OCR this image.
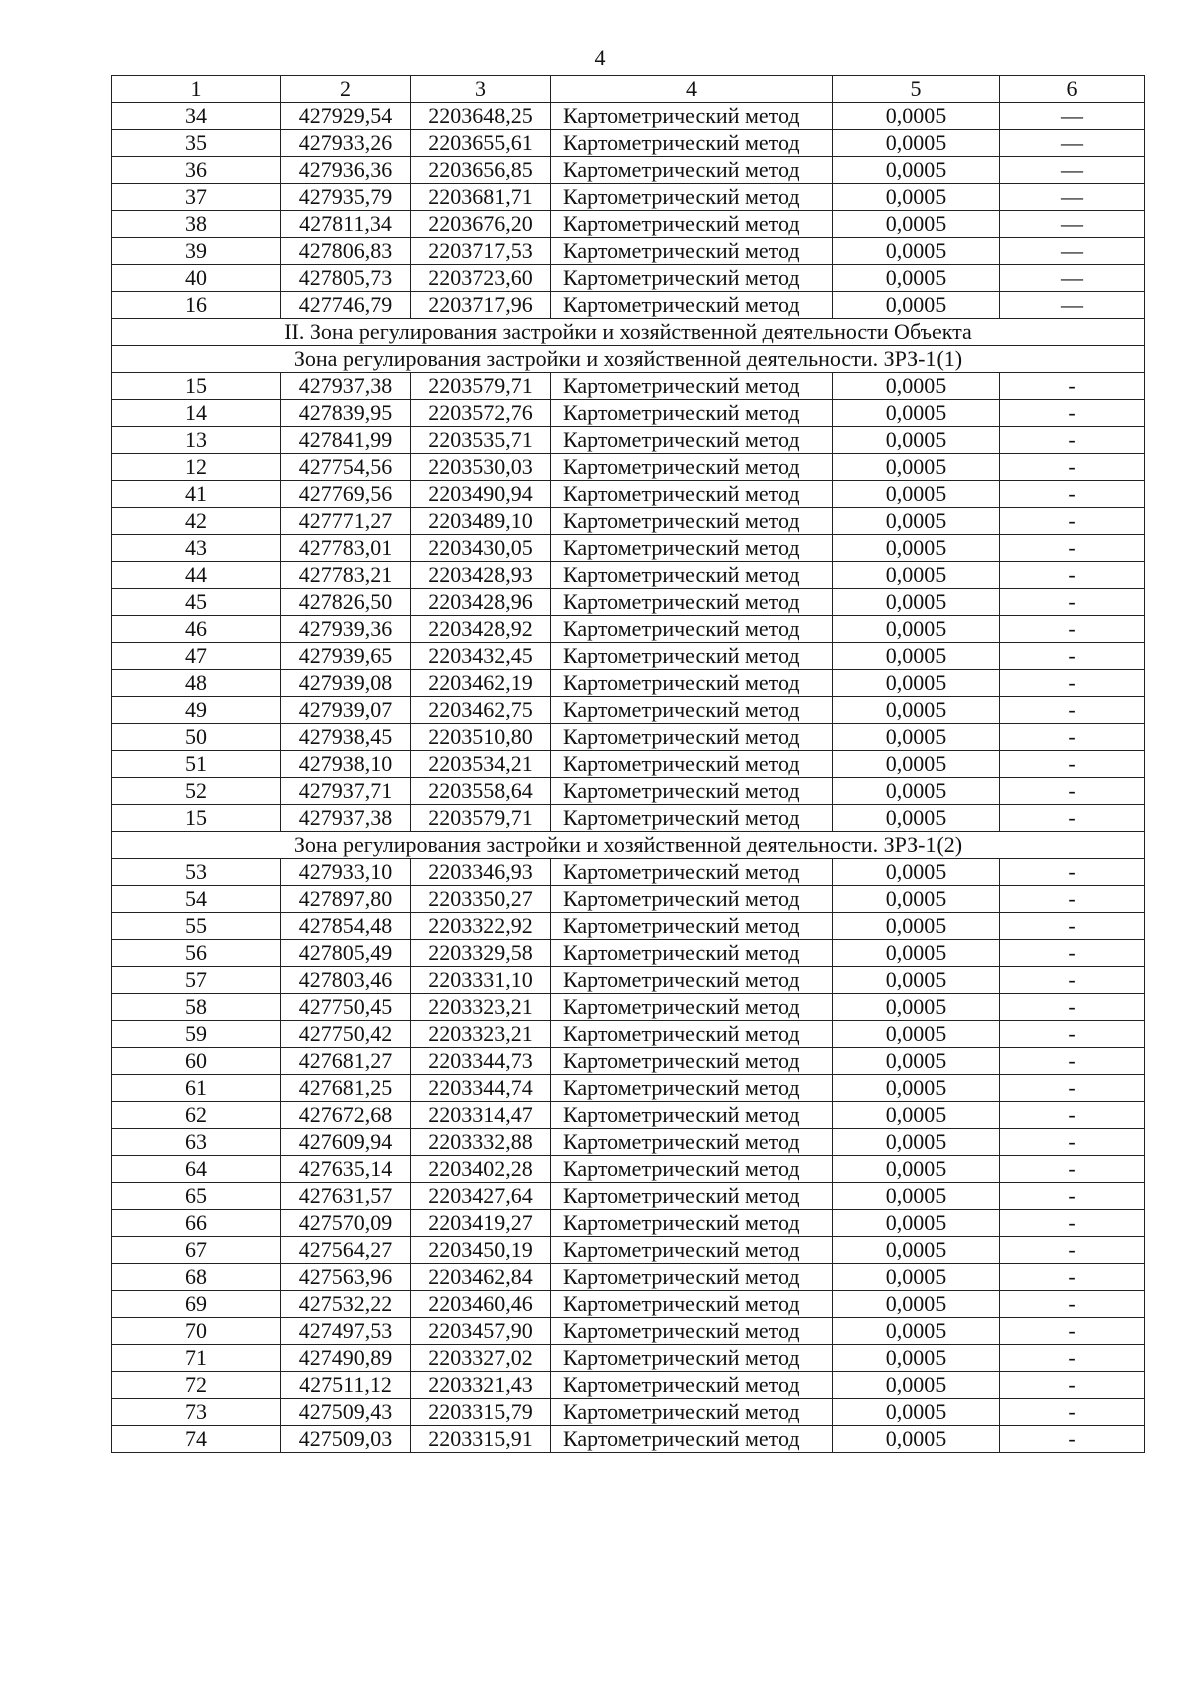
4
1	2	3	4	5	6
34	427929,54	2203648,25	Картометрический метод	0,0005	—
35	427933,26	2203655,61	Картометрический метод	0,0005	—
36	427936,36	2203656,85	Картометрический метод	0,0005	—
37	427935,79	2203681,71	Картометрический метод	0,0005	—
38	427811,34	2203676,20	Картометрический метод	0,0005	—
39	427806,83	2203717,53	Картометрический метод	0,0005	—
40	427805,73	2203723,60	Картометрический метод	0,0005	—
16	427746,79	2203717,96	Картометрический метод	0,0005	—
II. Зона регулирования застройки и хозяйственной деятельности Объекта					
Зона регулирования застройки и хозяйственной деятельности. ЗРЗ-1(1)					
15	427937,38	2203579,71	Картометрический метод	0,0005	-
14	427839,95	2203572,76	Картометрический метод	0,0005	-
13	427841,99	2203535,71	Картометрический метод	0,0005	-
12	427754,56	2203530,03	Картометрический метод	0,0005	-
41	427769,56	2203490,94	Картометрический метод	0,0005	-
42	427771,27	2203489,10	Картометрический метод	0,0005	-
43	427783,01	2203430,05	Картометрический метод	0,0005	-
44	427783,21	2203428,93	Картометрический метод	0,0005	-
45	427826,50	2203428,96	Картометрический метод	0,0005	-
46	427939,36	2203428,92	Картометрический метод	0,0005	-
47	427939,65	2203432,45	Картометрический метод	0,0005	-
48	427939,08	2203462,19	Картометрический метод	0,0005	-
49	427939,07	2203462,75	Картометрический метод	0,0005	-
50	427938,45	2203510,80	Картометрический метод	0,0005	-
51	427938,10	2203534,21	Картометрический метод	0,0005	-
52	427937,71	2203558,64	Картометрический метод	0,0005	-
15	427937,38	2203579,71	Картометрический метод	0,0005	-
Зона регулирования застройки и хозяйственной деятельности. ЗРЗ-1(2)					
53	427933,10	2203346,93	Картометрический метод	0,0005	-
54	427897,80	2203350,27	Картометрический метод	0,0005	-
55	427854,48	2203322,92	Картометрический метод	0,0005	-
56	427805,49	2203329,58	Картометрический метод	0,0005	-
57	427803,46	2203331,10	Картометрический метод	0,0005	-
58	427750,45	2203323,21	Картометрический метод	0,0005	-
59	427750,42	2203323,21	Картометрический метод	0,0005	-
60	427681,27	2203344,73	Картометрический метод	0,0005	-
61	427681,25	2203344,74	Картометрический метод	0,0005	-
62	427672,68	2203314,47	Картометрический метод	0,0005	-
63	427609,94	2203332,88	Картометрический метод	0,0005	-
64	427635,14	2203402,28	Картометрический метод	0,0005	-
65	427631,57	2203427,64	Картометрический метод	0,0005	-
66	427570,09	2203419,27	Картометрический метод	0,0005	-
67	427564,27	2203450,19	Картометрический метод	0,0005	-
68	427563,96	2203462,84	Картометрический метод	0,0005	-
69	427532,22	2203460,46	Картометрический метод	0,0005	-
70	427497,53	2203457,90	Картометрический метод	0,0005	-
71	427490,89	2203327,02	Картометрический метод	0,0005	-
72	427511,12	2203321,43	Картометрический метод	0,0005	-
73	427509,43	2203315,79	Картометрический метод	0,0005	-
74	427509,03	2203315,91	Картометрический метод	0,0005	-
